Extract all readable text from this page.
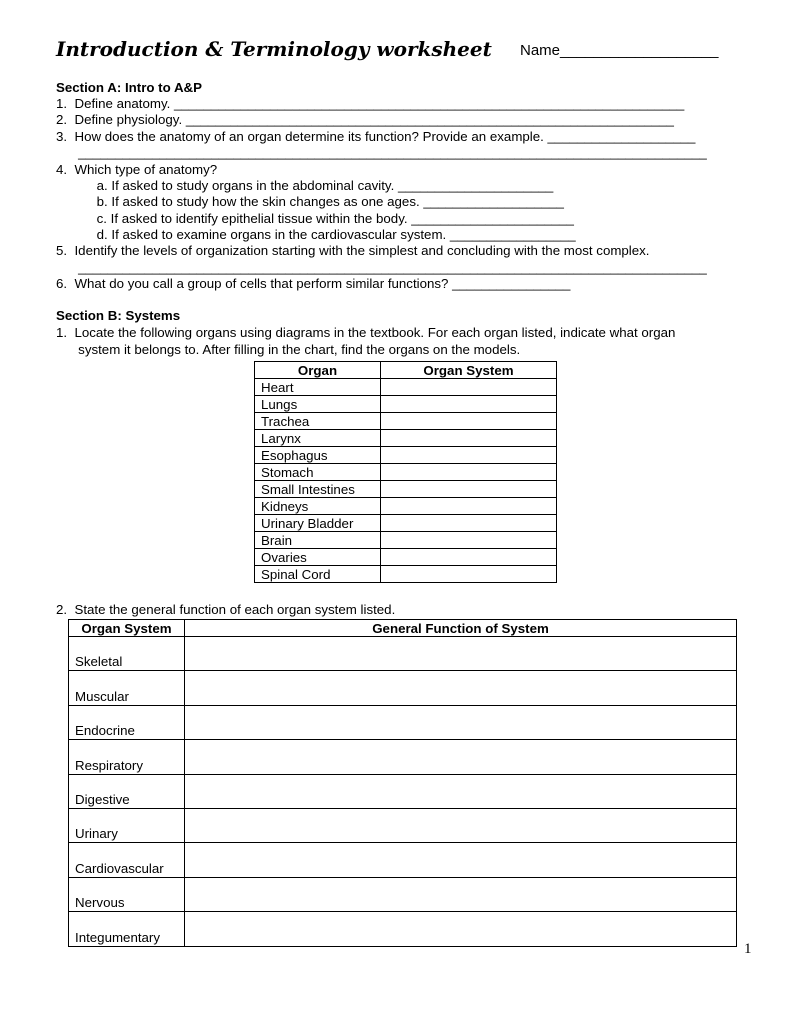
Introduction & Terminology worksheet Name___________________
Section A: Intro to A&P
1.  Define anatomy. _____________________________________________________________________
2.  Define physiology. __________________________________________________________________
3.  How does the anatomy of an organ determine its function? Provide an example. ____________________
_____________________________________________________________________________________
4.  Which type of anatomy?
a. If asked to study organs in the abdominal cavity. _____________________
b. If asked to study how the skin changes as one ages. ___________________
c. If asked to identify epithelial tissue within the body. ______________________
d. If asked to examine organs in the cardiovascular system. _________________
5.  Identify the levels of organization starting with the simplest and concluding with the most complex.
_____________________________________________________________________________________
6.  What do you call a group of cells that perform similar functions? ________________
Section B: Systems
1.  Locate the following organs using diagrams in the textbook. For each organ listed, indicate what organ
system it belongs to. After filling in the chart, find the organs on the models.
Organ	Organ System
Heart	
Lungs	
Trachea	
Larynx	
Esophagus	
Stomach	
Small Intestines	
Kidneys	
Urinary Bladder	
Brain	
Ovaries	
Spinal Cord	
2.  State the general function of each organ system listed.
Organ System	General Function of System
Skeletal	
Muscular	
Endocrine	
Respiratory	
Digestive	
Urinary	
Cardiovascular	
Nervous	
Integumentary	
1
